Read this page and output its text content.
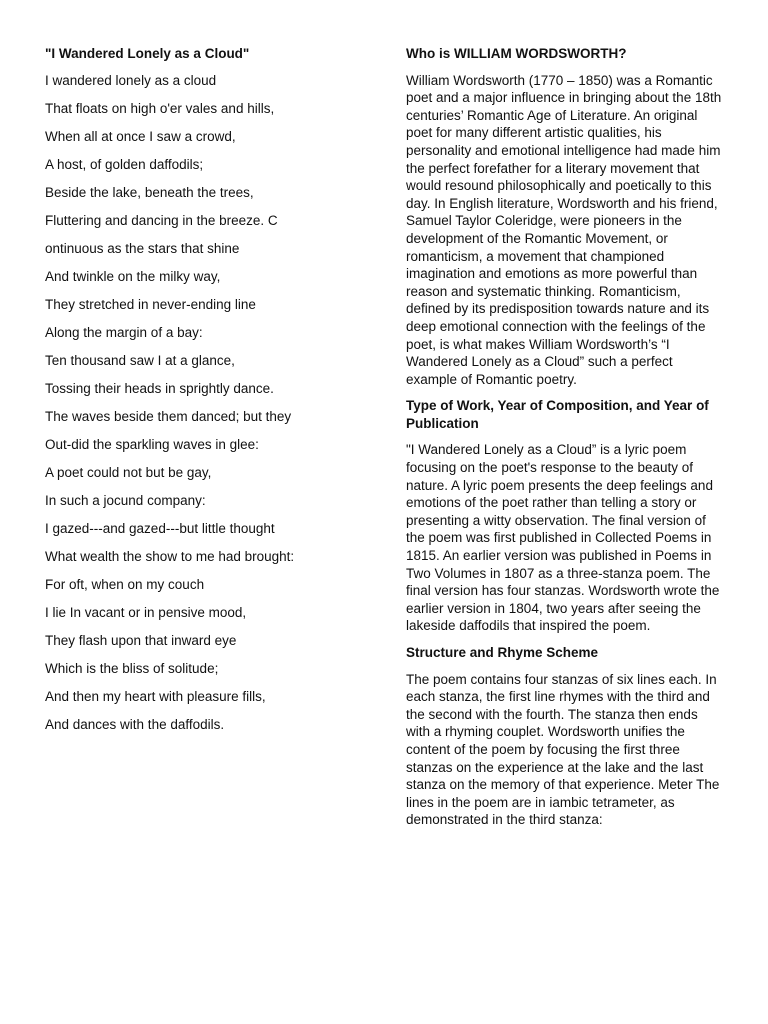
"I Wandered Lonely as a Cloud"
I wandered lonely as a cloud
That floats on high o'er vales and hills,
When all at once I saw a crowd,
A host, of golden daffodils;
Beside the lake, beneath the trees,
Fluttering and dancing in the breeze. C
ontinuous as the stars that shine
And twinkle on the milky way,
They stretched in never-ending line
Along the margin of a bay:
Ten thousand saw I at a glance,
Tossing their heads in sprightly dance.
The waves beside them danced; but they
Out-did the sparkling waves in glee:
A poet could not but be gay,
In such a jocund company:
I gazed---and gazed---but little thought
What wealth the show to me had brought:
For oft, when on my couch
I lie In vacant or in pensive mood,
They flash upon that inward eye
Which is the bliss of solitude;
And then my heart with pleasure fills,
And dances with the daffodils.
Who is WILLIAM WORDSWORTH?
William Wordsworth (1770 – 1850) was a Romantic poet and a major influence in bringing about the 18th centuries’ Romantic Age of Literature. An original poet for many different artistic qualities, his personality and emotional intelligence had made him the perfect forefather for a literary movement that would resound philosophically and poetically to this day. In English literature, Wordsworth and his friend, Samuel Taylor Coleridge, were pioneers in the development of the Romantic Movement, or romanticism, a movement that championed imagination and emotions as more powerful than reason and systematic thinking. Romanticism, defined by its predisposition towards nature and its deep emotional connection with the feelings of the poet, is what makes William Wordsworth’s “I Wandered Lonely as a Cloud” such a perfect example of Romantic poetry.
Type of Work, Year of Composition, and Year of Publication
"I Wandered Lonely as a Cloud” is a lyric poem focusing on the poet's response to the beauty of nature. A lyric poem presents the deep feelings and emotions of the poet rather than telling a story or presenting a witty observation. The final version of the poem was first published in Collected Poems in 1815. An earlier version was published in Poems in Two Volumes in 1807 as a three-stanza poem. The final version has four stanzas. Wordsworth wrote the earlier version in 1804, two years after seeing the lakeside daffodils that inspired the poem.
Structure and Rhyme Scheme
The poem contains four stanzas of six lines each. In each stanza, the first line rhymes with the third and the second with the fourth. The stanza then ends with a rhyming couplet. Wordsworth unifies the content of the poem by focusing the first three stanzas on the experience at the lake and the last stanza on the memory of that experience. Meter The lines in the poem are in iambic tetrameter, as demonstrated in the third stanza:
